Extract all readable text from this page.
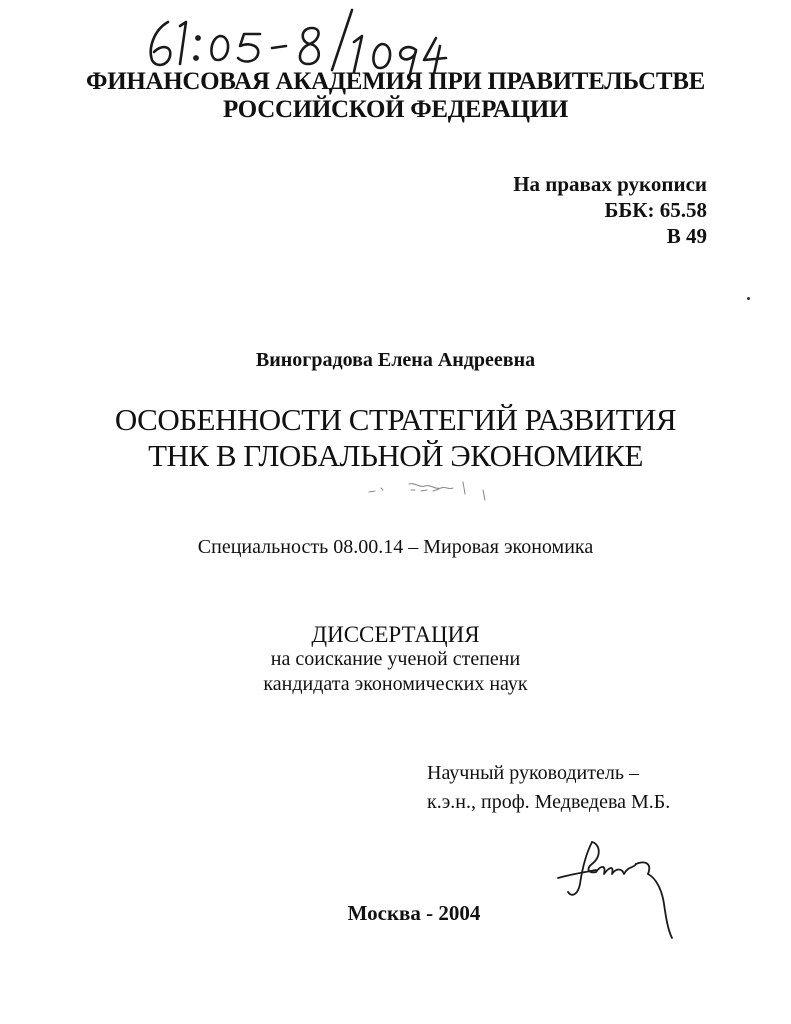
ФИНАНСОВАЯ АКАДЕМИЯ ПРИ ПРАВИТЕЛЬСТВЕ
РОССИЙСКОЙ ФЕДЕРАЦИИ
На правах рукописи
ББК: 65.58
В 49
Виноградова Елена Андреевна
ОСОБЕННОСТИ СТРАТЕГИЙ РАЗВИТИЯ
ТНК В ГЛОБАЛЬНОЙ ЭКОНОМИКЕ
Специальность 08.00.14 – Мировая экономика
ДИССЕРТАЦИЯ
на соискание ученой степени
кандидата экономических наук
Научный руководитель –
к.э.н., проф. Медведева М.Б.
Москва - 2004
